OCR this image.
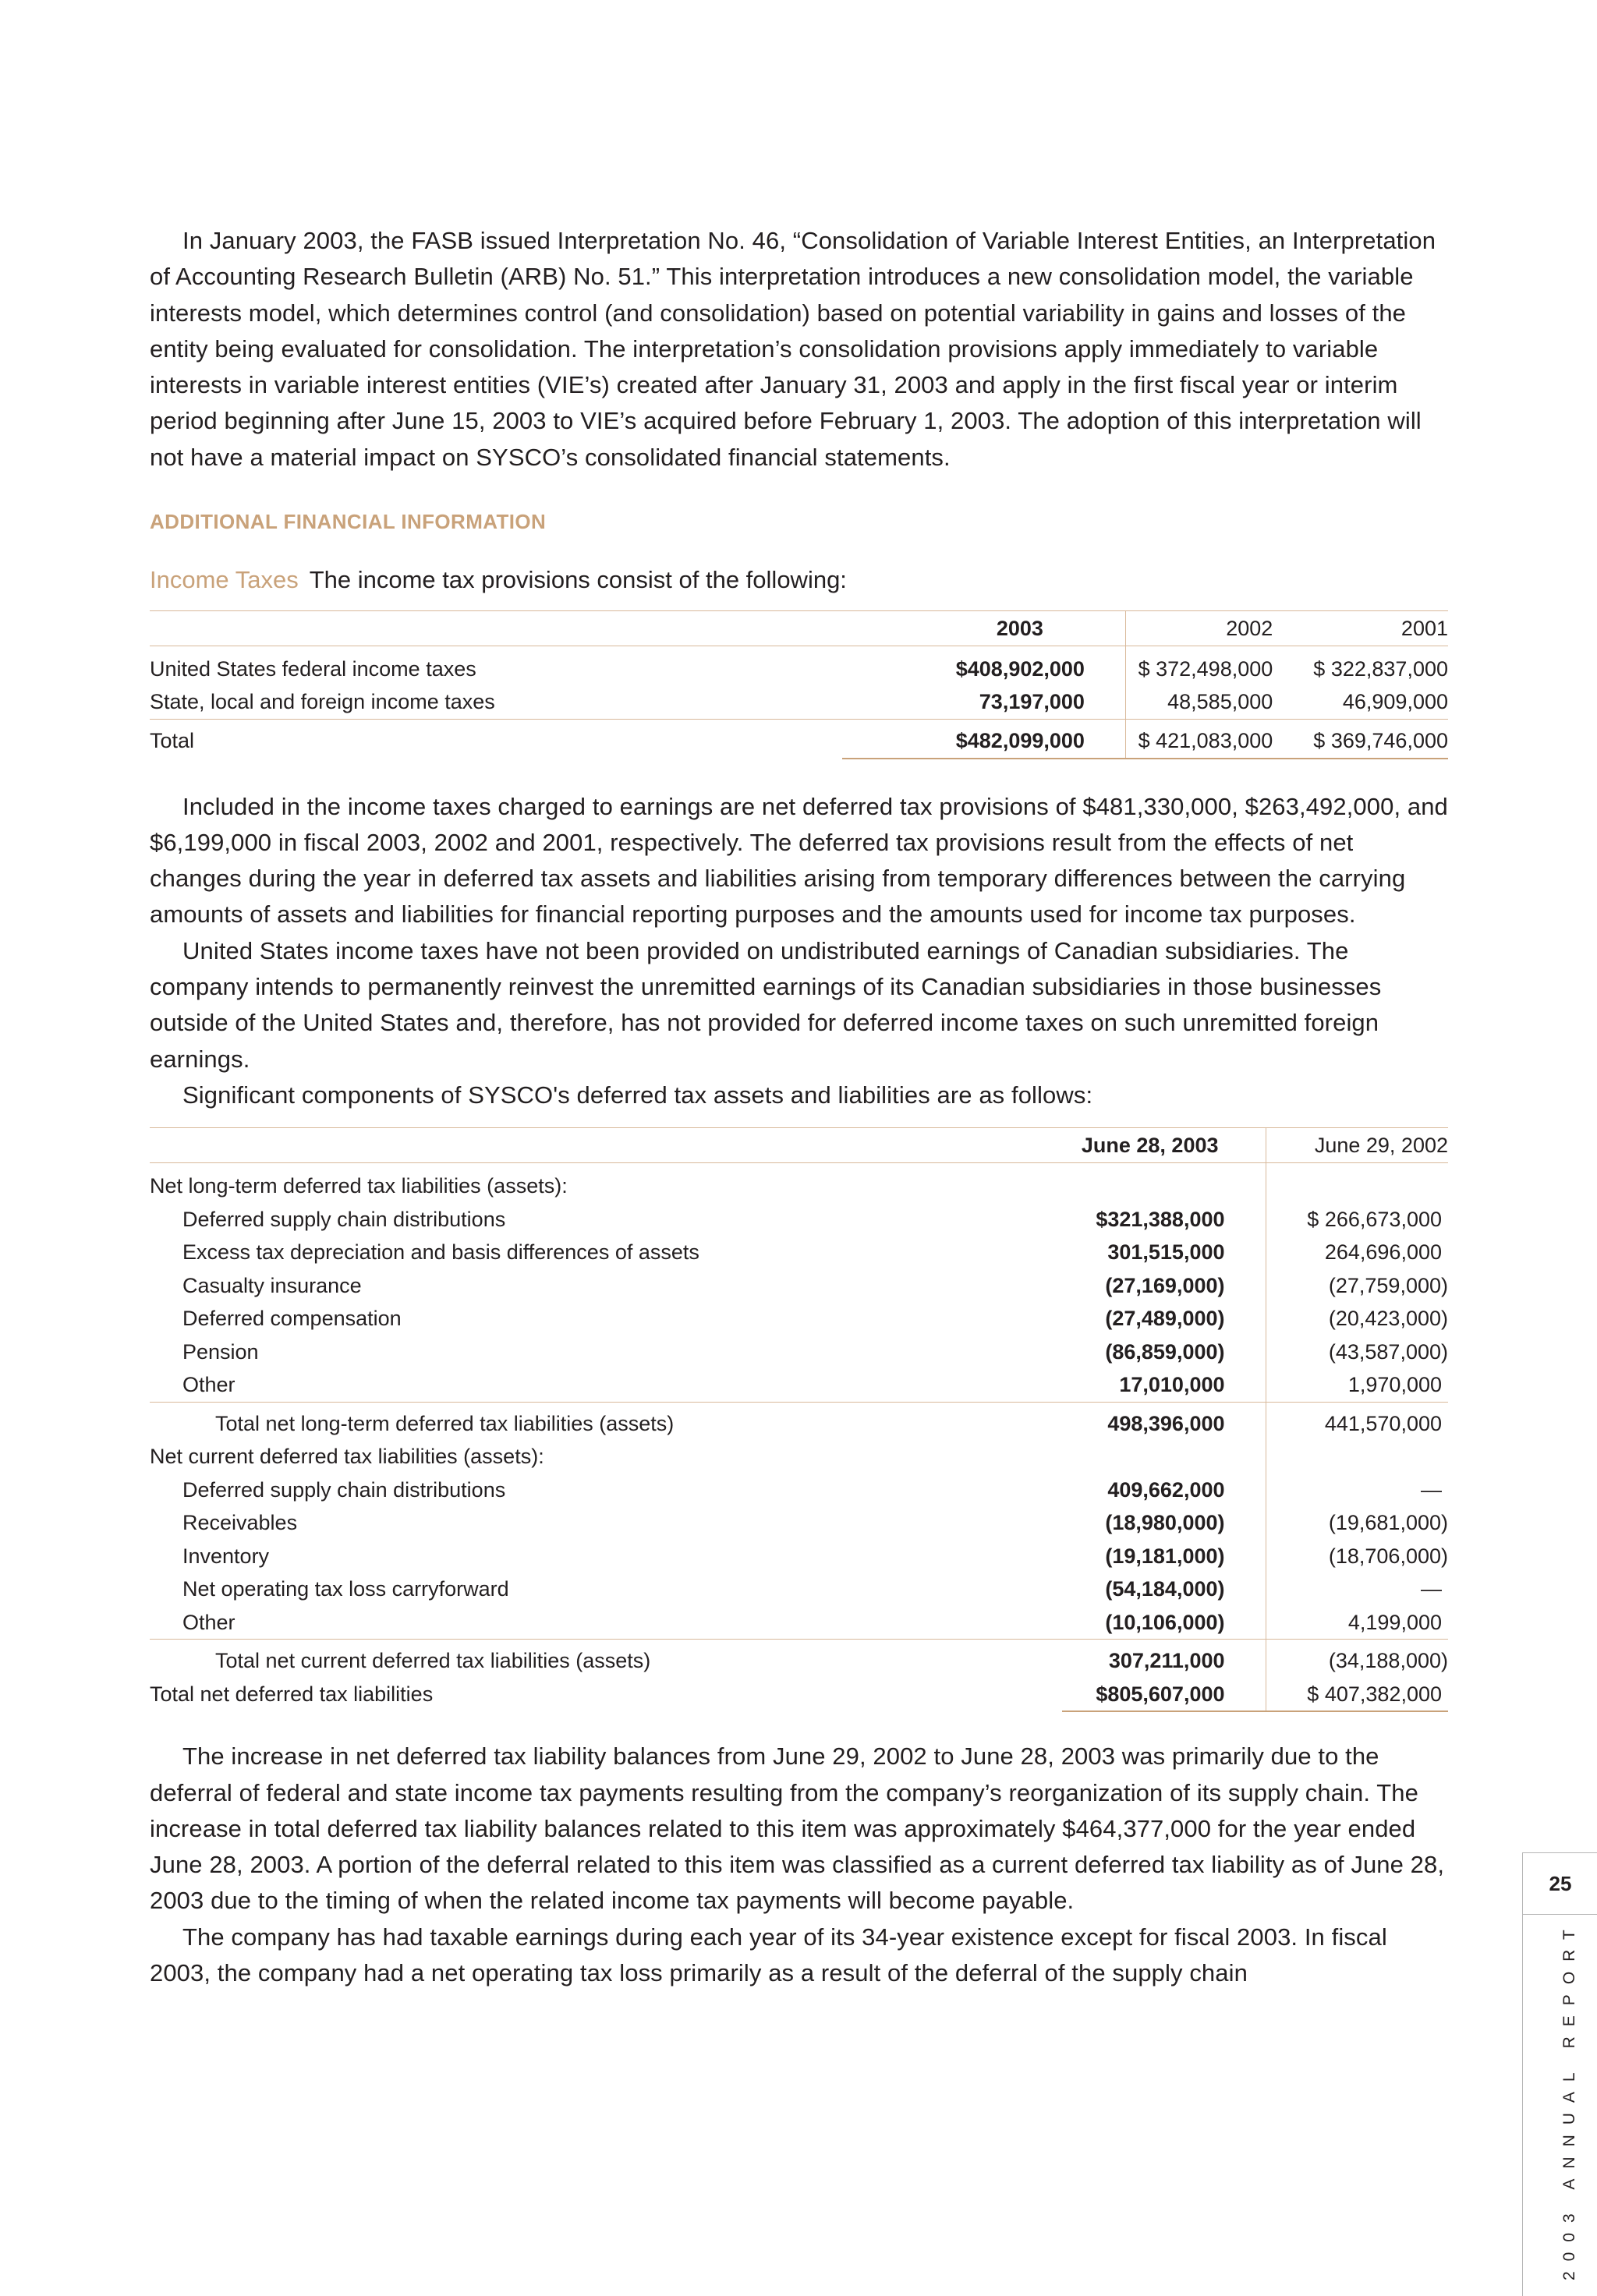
In January 2003, the FASB issued Interpretation No. 46, “Consolidation of Variable Interest Entities, an Interpretation of Accounting Research Bulletin (ARB) No. 51.” This interpretation introduces a new consolidation model, the variable interests model, which determines control (and consolidation) based on potential variability in gains and losses of the entity being evaluated for consolidation. The interpretation’s consolidation provisions apply immediately to variable interests in variable interest entities (VIE’s) created after January 31, 2003 and apply in the first fiscal year or interim period beginning after June 15, 2003 to VIE’s acquired before February 1, 2003. The adoption of this interpretation will not have a material impact on SYSCO’s consolidated financial statements.

ADDITIONAL FINANCIAL INFORMATION
Income Taxes The income tax provisions consist of the following:
	2003	2002	2001
United States federal income taxes	$408,902,000	$ 372,498,000	$ 322,837,000
State, local and foreign income taxes	73,197,000	48,585,000	46,909,000
Total	$482,099,000	$ 421,083,000	$ 369,746,000

Included in the income taxes charged to earnings are net deferred tax provisions of $481,330,000, $263,492,000, and $6,199,000 in fiscal 2003, 2002 and 2001, respectively. The deferred tax provisions result from the effects of net changes during the year in deferred tax assets and liabilities arising from temporary differences between the carrying amounts of assets and liabilities for financial reporting purposes and the amounts used for income tax purposes.

United States income taxes have not been provided on undistributed earnings of Canadian subsidiaries. The company intends to permanently reinvest the unremitted earnings of its Canadian subsidiaries in those businesses outside of the United States and, therefore, has not provided for deferred income taxes on such unremitted foreign earnings.

Significant components of SYSCO's deferred tax assets and liabilities are as follows:

	June 28, 2003	June 29, 2002
Net long-term deferred tax liabilities (assets):		
Deferred supply chain distributions	$321,388,000	$ 266,673,000
Excess tax depreciation and basis differences of assets	301,515,000	264,696,000
Casualty insurance	(27,169,000)	(27,759,000)
Deferred compensation	(27,489,000)	(20,423,000)
Pension	(86,859,000)	(43,587,000)
Other	17,010,000	1,970,000
Total net long-term deferred tax liabilities (assets)	498,396,000	441,570,000
Net current deferred tax liabilities (assets):		
Deferred supply chain distributions	409,662,000	—
Receivables	(18,980,000)	(19,681,000)
Inventory	(19,181,000)	(18,706,000)
Net operating tax loss carryforward	(54,184,000)	—
Other	(10,106,000)	4,199,000
Total net current deferred tax liabilities (assets)	307,211,000	(34,188,000)
Total net deferred tax liabilities	$805,607,000	$ 407,382,000

The increase in net deferred tax liability balances from June 29, 2002 to June 28, 2003 was primarily due to the deferral of federal and state income tax payments resulting from the company’s reorganization of its supply chain. The increase in total deferred tax liability balances related to this item was approximately $464,377,000 for the year ended June 28, 2003. A portion of the deferral related to this item was classified as a current deferred tax liability as of June 28, 2003 due to the timing of when the related income tax payments will become payable.

The company has had taxable earnings during each year of its 34-year existence except for fiscal 2003. In fiscal 2003, the company had a net operating tax loss primarily as a result of the deferral of the supply chain

25
2003 ANNUAL REPORT
